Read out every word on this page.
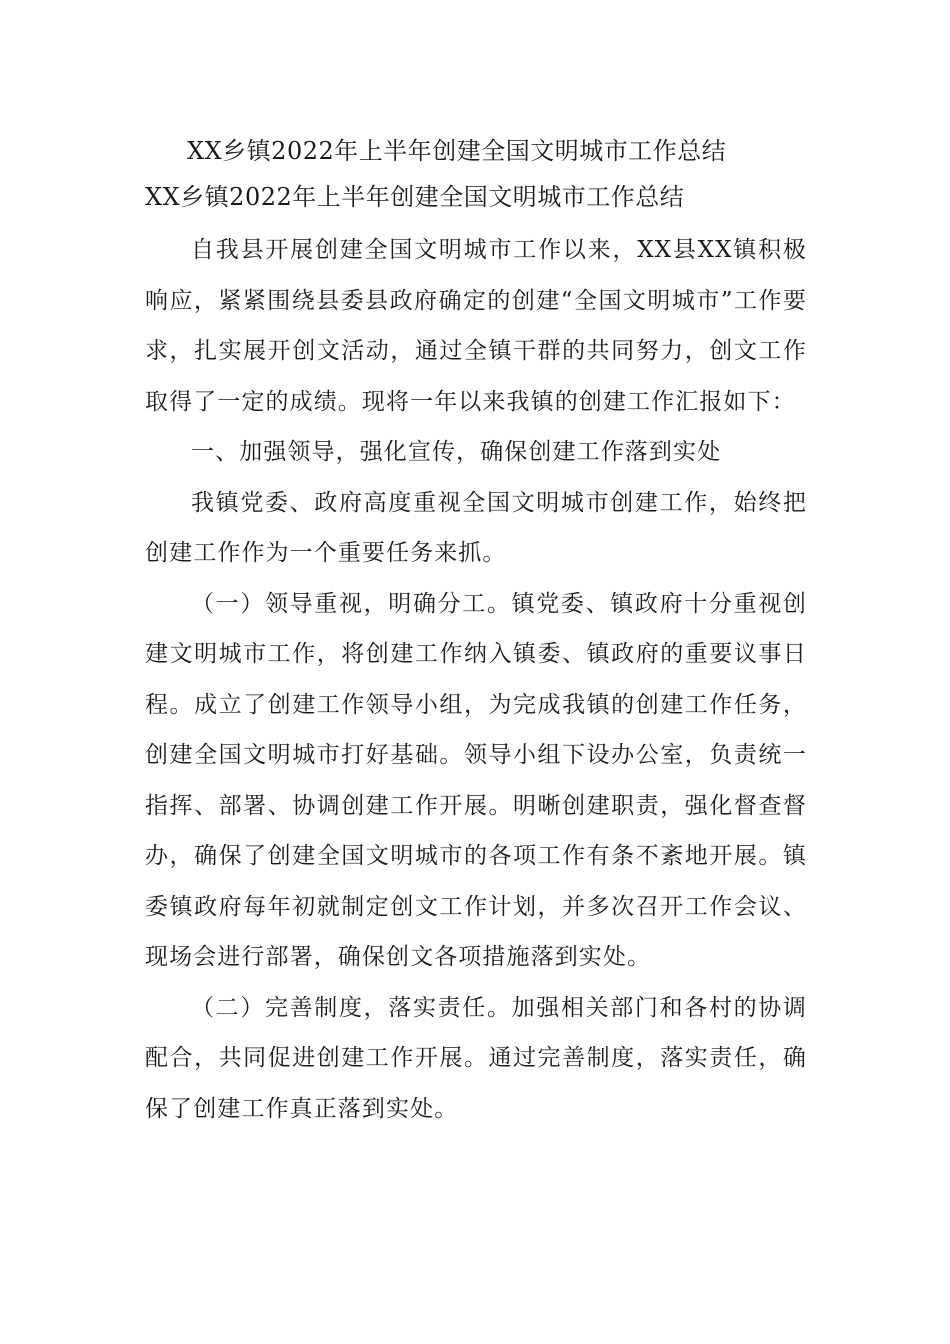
XX乡镇2022年上半年创建全国文明城市工作总结
XX乡镇2022年上半年创建全国文明城市工作总结

自我县开展创建全国文明城市工作以来，XX县XX镇积极响应，紧紧围绕县委县政府确定的创建“全国文明城市”工作要求，扎实展开创文活动，通过全镇干群的共同努力，创文工作取得了一定的成绩。现将一年以来我镇的创建工作汇报如下：

一、加强领导，强化宣传，确保创建工作落到实处

我镇党委、政府高度重视全国文明城市创建工作，始终把创建工作作为一个重要任务来抓。

（一）领导重视，明确分工。镇党委、镇政府十分重视创建文明城市工作，将创建工作纳入镇委、镇政府的重要议事日程。成立了创建工作领导小组，为完成我镇的创建工作任务，创建全国文明城市打好基础。领导小组下设办公室，负责统一指挥、部署、协调创建工作开展。明晰创建职责，强化督查督办，确保了创建全国文明城市的各项工作有条不紊地开展。镇委镇政府每年初就制定创文工作计划，并多次召开工作会议、现场会进行部署，确保创文各项措施落到实处。

（二）完善制度，落实责任。加强相关部门和各村的协调配合，共同促进创建工作开展。通过完善制度，落实责任，确保了创建工作真正落到实处。
